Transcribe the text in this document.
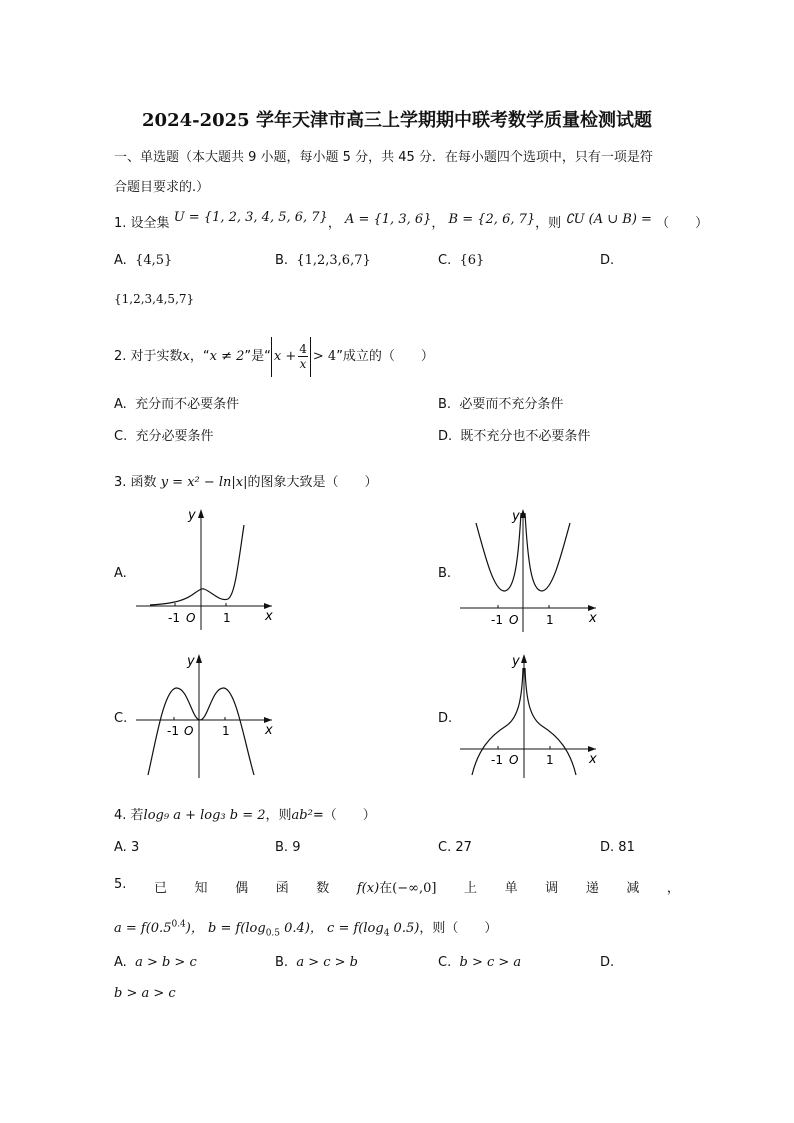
2024-2025 学年天津市高三上学期期中联考数学质量检测试题
一、单选题（本大题共 9 小题，每小题 5 分，共 45 分．在每小题四个选项中，只有一项是符
合题目要求的.）
1. 设全集 U = {1, 2, 3, 4, 5, 6, 7}， A = {1, 3, 6}， B = {2, 6, 7}，则 ∁U (A ∪ B) = （　　）
A. {4,5}	B. {1,2,3,6,7}	C. {6}	D.
{1,2,3,4,5,7}
2. 对于实数x，“x ≠ 2”是“ $x + \frac{4}{x} > 4$”成立的（　　）
A. 充分而不必要条件	B. 必要而不充分条件
C. 充分必要条件	D. 既不充分也不必要条件
3. 函数 y = x² − ln|x|的图象大致是（　　）
A.	B.
C.	D.
-1 O 1	x
y
-1 O 1	x
y
-1 O 1	x
y
-1 O 1	x
y
4. 若log₉ a + log₃ b = 2，则ab²=（　　）
A. 3	B. 9	C. 27	D. 81
5. 已 知 偶 函 数 f(x)在(−∞,0] 上 单 调 递 减 ，
$a = f(0.5^{0.4})$， $b = f(\log_{0.5}$ 0.4)， $c = f(\log_4$ 0.5)，则（　　）
A. a > b > c	B. a > c > b	C. b > c > a	D.
b > a > c
